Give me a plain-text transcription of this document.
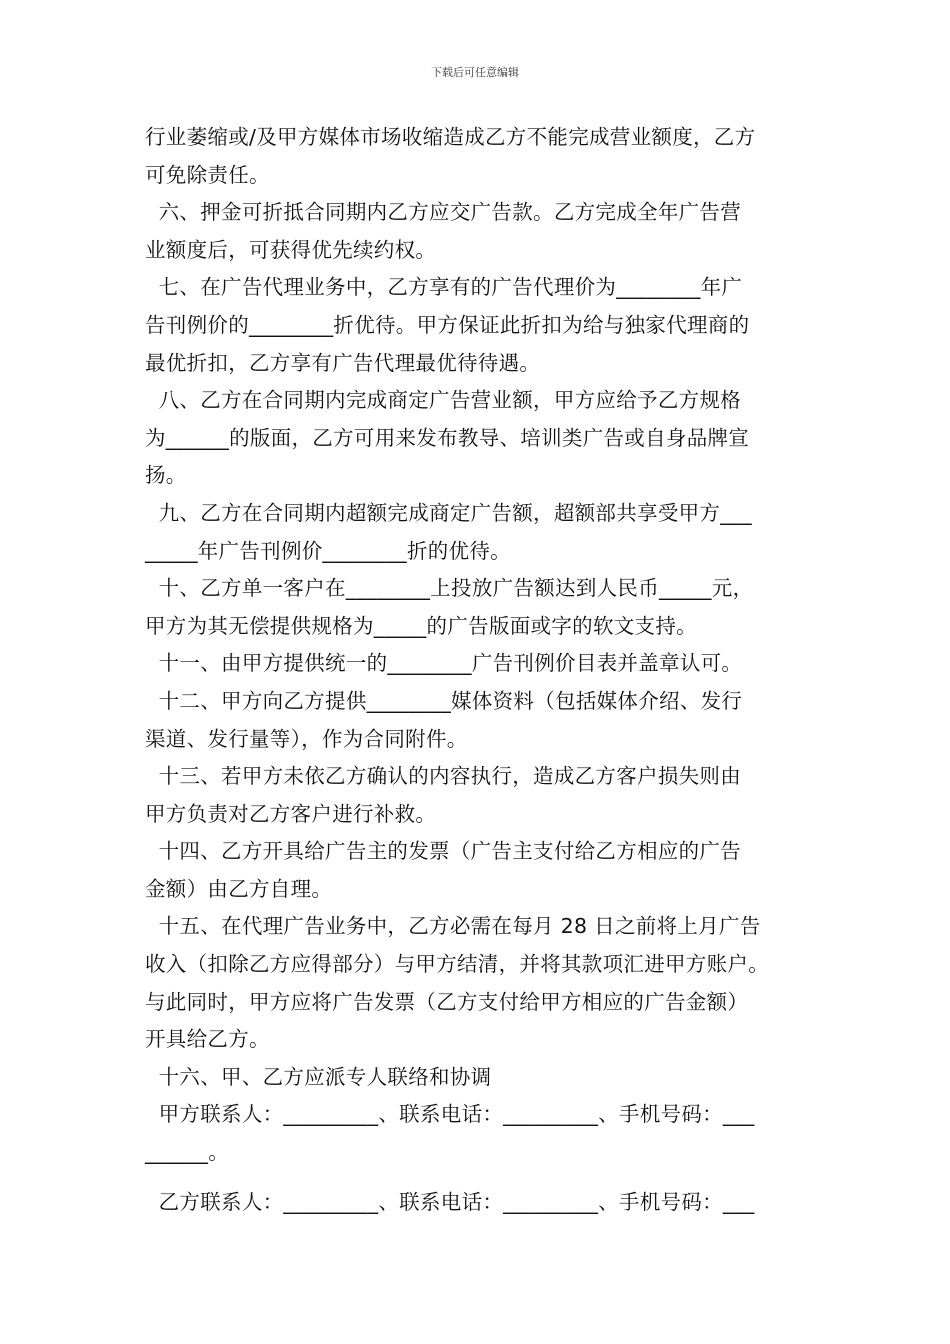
下载后可任意编辑
行业萎缩或/及甲方媒体市场收缩造成乙方不能完成营业额度，乙方
可免除责任。
六、押金可折抵合同期内乙方应交广告款。乙方完成全年广告营
业额度后，可获得优先续约权。
七、在广告代理业务中，乙方享有的广告代理价为________年广
告刊例价的________折优待。甲方保证此折扣为给与独家代理商的
最优折扣，乙方享有广告代理最优待待遇。
八、乙方在合同期内完成商定广告营业额，甲方应给予乙方规格
为______的版面，乙方可用来发布教导、培训类广告或自身品牌宣
扬。
九、乙方在合同期内超额完成商定广告额，超额部共享受甲方___
_____年广告刊例价________折的优待。
十、乙方单一客户在________上投放广告额达到人民币_____元，
甲方为其无偿提供规格为_____的广告版面或字的软文支持。
十一、由甲方提供统一的________广告刊例价目表并盖章认可。
十二、甲方向乙方提供________媒体资料（包括媒体介绍、发行
渠道、发行量等），作为合同附件。
十三、若甲方未依乙方确认的内容执行，造成乙方客户损失则由
甲方负责对乙方客户进行补救。
十四、乙方开具给广告主的发票（广告主支付给乙方相应的广告
金额）由乙方自理。
十五、在代理广告业务中，乙方必需在每月 28 日之前将上月广告
收入（扣除乙方应得部分）与甲方结清，并将其款项汇进甲方账户。
与此同时，甲方应将广告发票（乙方支付给甲方相应的广告金额）
开具给乙方。
十六、甲、乙方应派专人联络和协调
甲方联系人：_________、联系电话：_________、手机号码：___
______。
乙方联系人：_________、联系电话：_________、手机号码：___
